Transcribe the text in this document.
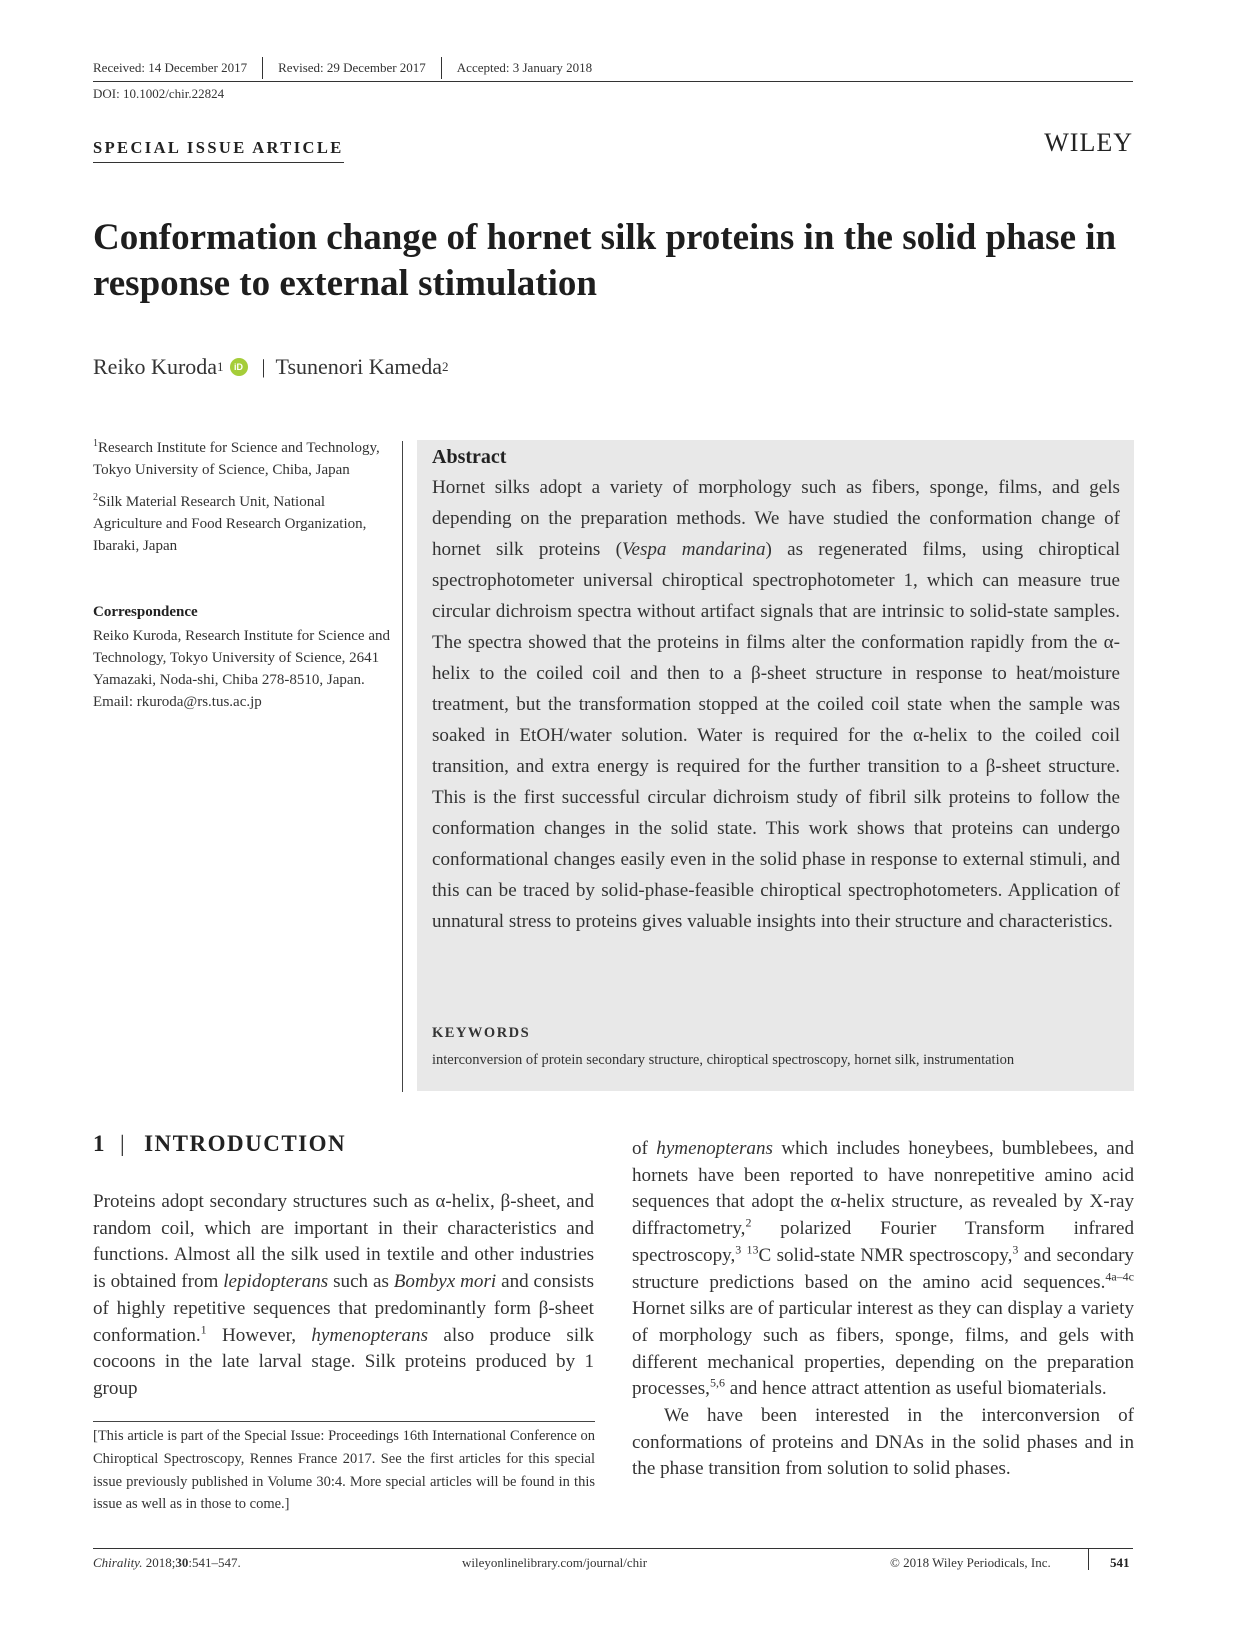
Received: 14 December 2017	Revised: 29 December 2017	Accepted: 3 January 2018
DOI: 10.1002/chir.22824
SPECIAL ISSUE ARTICLE	WILEY
Conformation change of hornet silk proteins in the solid phase in response to external stimulation
Reiko Kuroda 1	iD | Tsunenori Kameda 2

$^1$Research Institute for Science and Technology, Tokyo University of Science, Chiba, Japan

$^2$Silk Material Research Unit, National Agriculture and Food Research Organization, Ibaraki, Japan

Correspondence
Reiko Kuroda, Research Institute for Science and Technology, Tokyo University of Science, 2641 Yamazaki, Noda-shi, Chiba 278-8510, Japan.
Email: rkuroda@rs.tus.ac.jp
Abstract
Hornet silks adopt a variety of morphology such as fibers, sponge, films, and gels depending on the preparation methods. We have studied the conformation change of hornet silk proteins (Vespa mandarina) as regenerated films, using chiroptical spectrophotometer universal chiroptical spectrophotometer 1, which can measure true circular dichroism spectra without artifact signals that are intrinsic to solid-state samples. The spectra showed that the proteins in films alter the conformation rapidly from the α-helix to the coiled coil and then to a β-sheet structure in response to heat/moisture treatment, but the transformation stopped at the coiled coil state when the sample was soaked in EtOH/water solution. Water is required for the α-helix to the coiled coil transition, and extra energy is required for the further transition to a β-sheet structure. This is the first successful circular dichroism study of fibril silk proteins to follow the conformation changes in the solid state. This work shows that proteins can undergo conformational changes easily even in the solid phase in response to external stimuli, and this can be traced by solid-phase-feasible chiroptical spectrophotometers. Application of unnatural stress to proteins gives valuable insights into their structure and characteristics.
KEYWORDS
interconversion of protein secondary structure, chiroptical spectroscopy, hornet silk, instrumentation
1 | INTRODUCTION

Proteins adopt secondary structures such as α-helix, β-sheet, and random coil, which are important in their characteristics and functions. Almost all the silk used in textile and other industries is obtained from lepidopterans such as Bombyx mori and consists of highly repetitive sequences that predominantly form β-sheet conformation.$^1$ However, hymenopterans also produce silk cocoons in the late larval stage. Silk proteins produced by 1 group

[This article is part of the Special Issue: Proceedings 16th International Conference on Chiroptical Spectroscopy, Rennes France 2017. See the first articles for this special issue previously published in Volume 30:4. More special articles will be found in this issue as well as in those to come.]

of hymenopterans which includes honeybees, bumblebees, and hornets have been reported to have nonrepetitive amino acid sequences that adopt the α-helix structure, as revealed by X-ray diffractometry,$^2$ polarized Fourier Transform infrared spectroscopy,$^3$ $^{13}$C solid-state NMR spectroscopy,$^3$ and secondary structure predictions based on the amino acid sequences.$^{4a-4c}$ Hornet silks are of particular interest as they can display a variety of morphology such as fibers, sponge, films, and gels with different mechanical properties, depending on the preparation processes,$^{5,6}$ and hence attract attention as useful biomaterials.

We have been interested in the interconversion of conformations of proteins and DNAs in the solid phases and in the phase transition from solution to solid phases.

Chirality. 2018;30:541–547.	wileyonlinelibrary.com/journal/chir	© 2018 Wiley Periodicals, Inc.	541
